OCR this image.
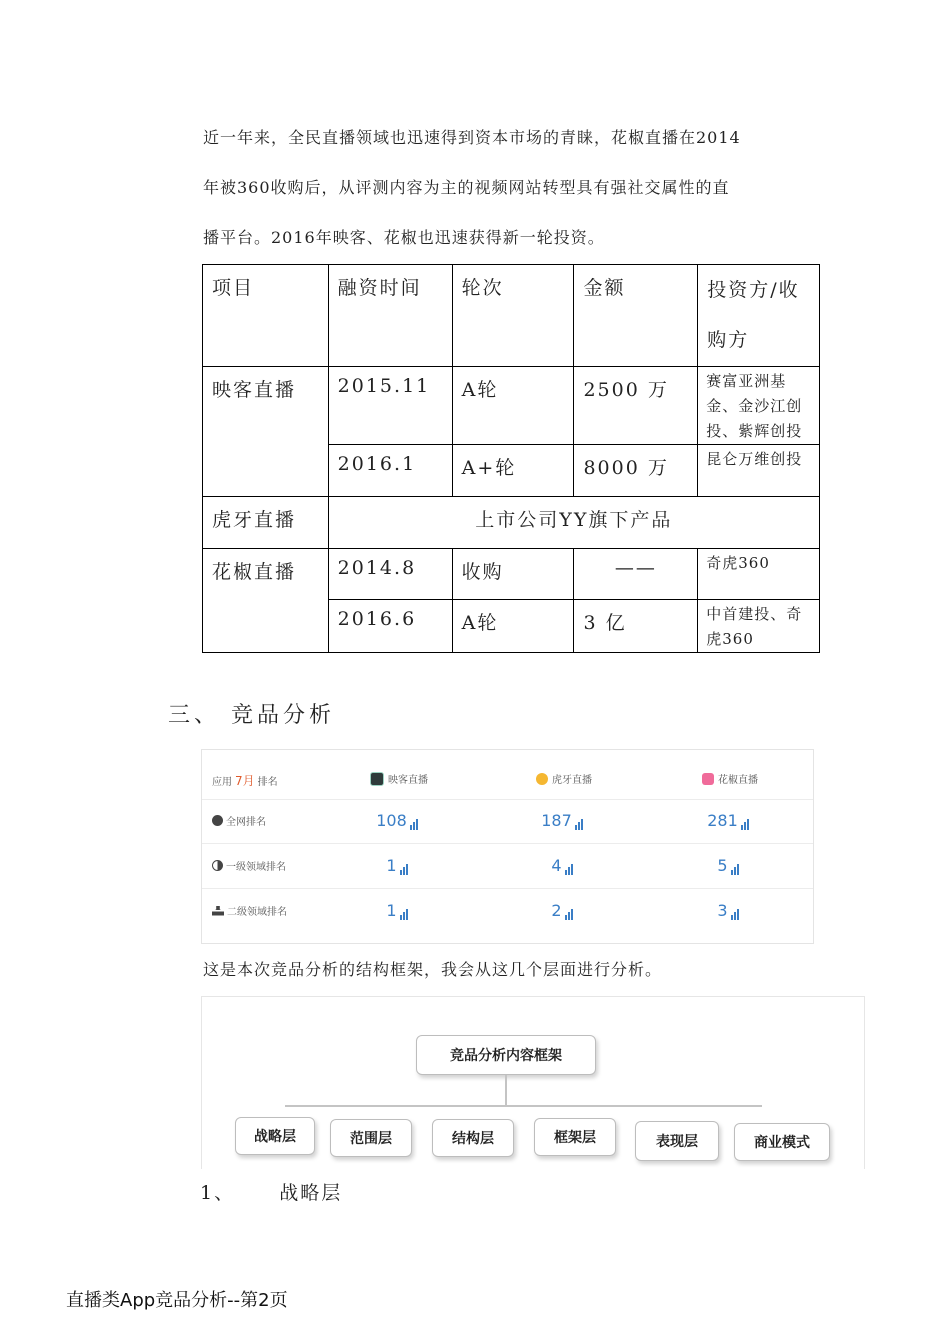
近一年来，全民直播领域也迅速得到资本市场的青睐，花椒直播在2014
年被360收购后，从评测内容为主的视频网站转型具有强社交属性的直
播平台。2016年映客、花椒也迅速获得新一轮投资。
项目	融资时间	轮次	金额	投资方/收购方
映客直播	2015.11	A轮	2500 万	赛富亚洲基金、金沙江创投、紫辉创投
	2016.1	A+轮	8000 万	昆仑万维创投
虎牙直播	上市公司YY旗下产品			
花椒直播	2014.8	收购	——	奇虎360
	2016.6	A轮	3 亿	中首建投、奇虎360
三、 竞品分析
应用 7月 排名	映客直播	虎牙直播	花椒直播
全网排名	108	187	281
一级领域排名	1	4	5
二级领域排名	1	2	3
这是本次竞品分析的结构框架，我会从这几个层面进行分析。
竞品分析内容框架
战略层	范围层	结构层	框架层	表现层	商业模式
1、 战略层
直播类App竞品分析--第2页
